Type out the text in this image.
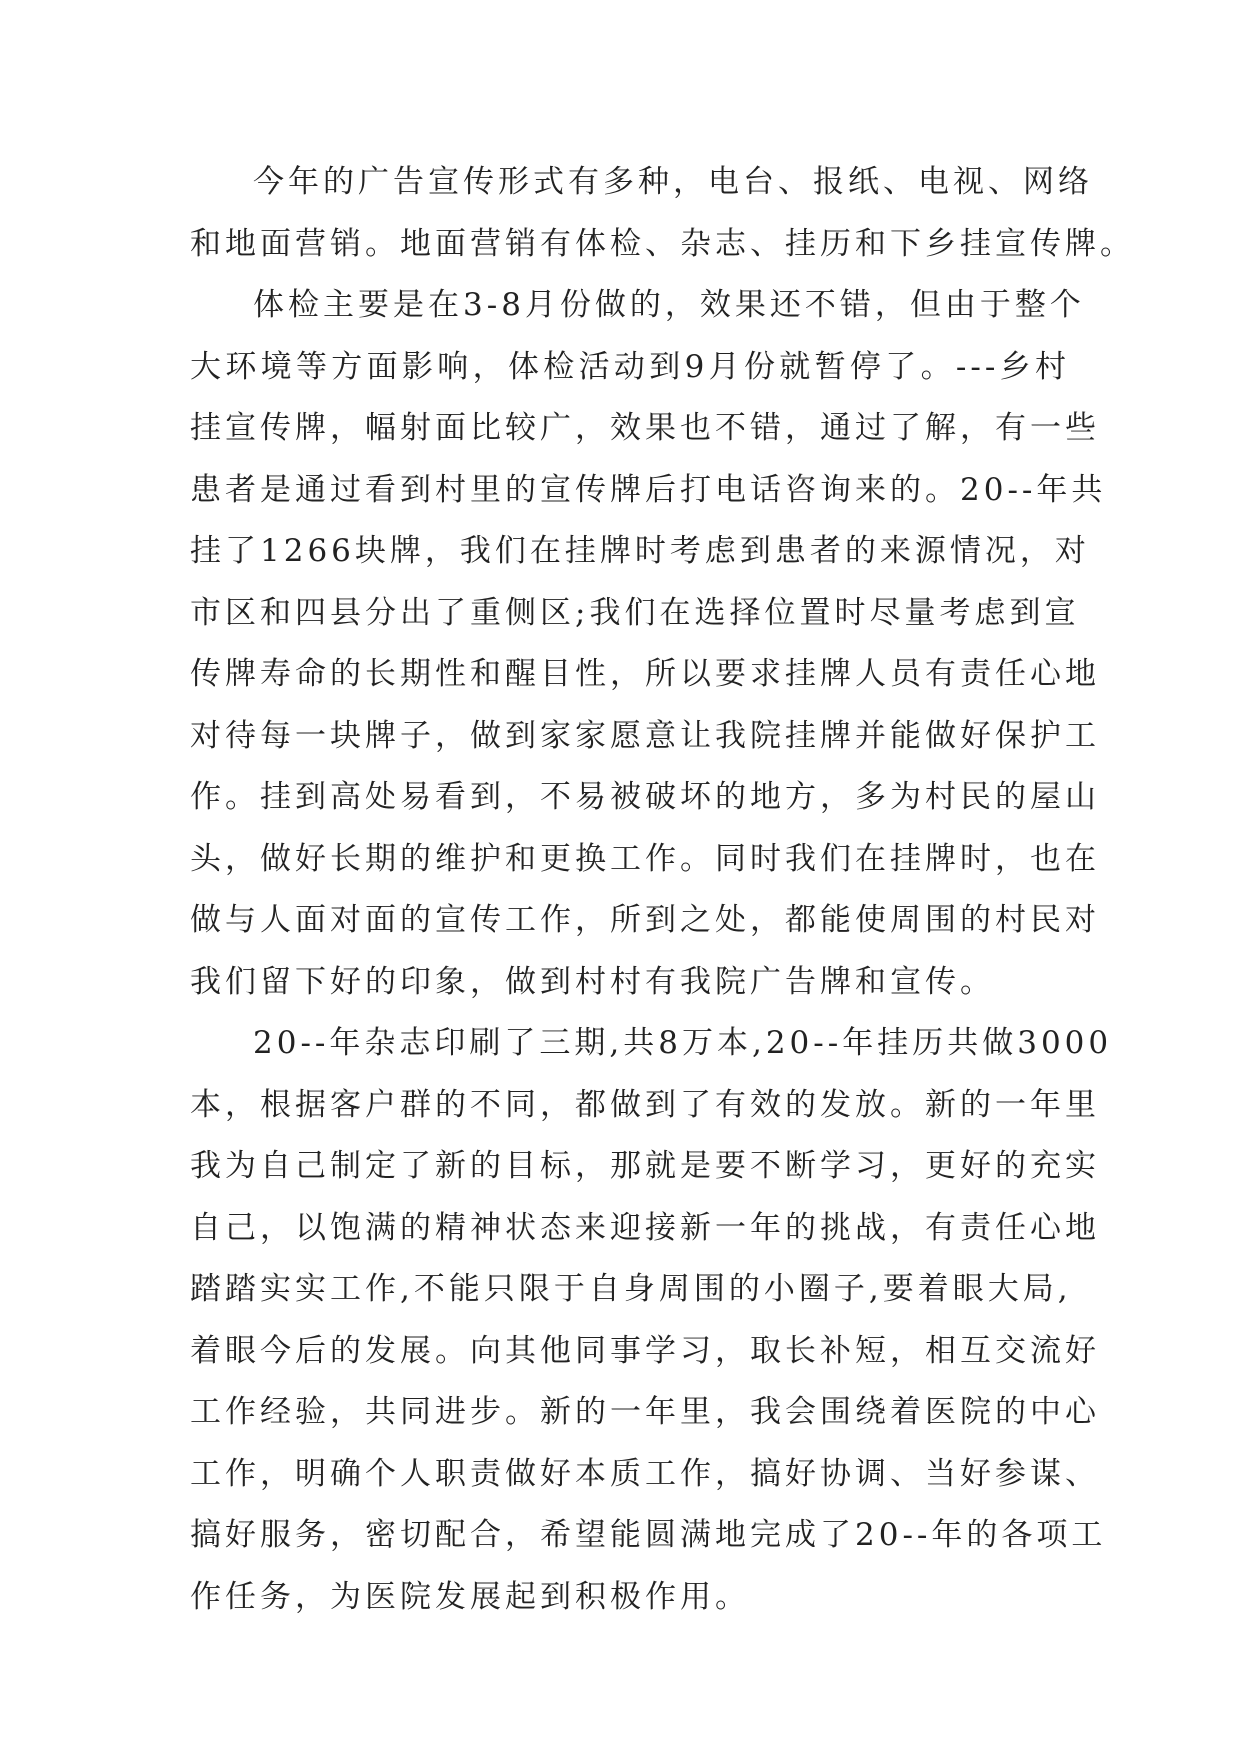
今年的广告宣传形式有多种，电台、报纸、电视、网络
和地面营销。地面营销有体检、杂志、挂历和下乡挂宣传牌。
体检主要是在3-8月份做的，效果还不错，但由于整个
大环境等方面影响，体检活动到9月份就暂停了。---乡村
挂宣传牌，幅射面比较广，效果也不错，通过了解，有一些
患者是通过看到村里的宣传牌后打电话咨询来的。20--年共
挂了1266块牌，我们在挂牌时考虑到患者的来源情况，对
市区和四县分出了重侧区;我们在选择位置时尽量考虑到宣
传牌寿命的长期性和醒目性，所以要求挂牌人员有责任心地
对待每一块牌子，做到家家愿意让我院挂牌并能做好保护工
作。挂到高处易看到，不易被破坏的地方，多为村民的屋山
头，做好长期的维护和更换工作。同时我们在挂牌时，也在
做与人面对面的宣传工作，所到之处，都能使周围的村民对
我们留下好的印象，做到村村有我院广告牌和宣传。
20--年杂志印刷了三期,共8万本,20--年挂历共做3000
本，根据客户群的不同，都做到了有效的发放。新的一年里
我为自己制定了新的目标，那就是要不断学习，更好的充实
自己，以饱满的精神状态来迎接新一年的挑战，有责任心地
踏踏实实工作,不能只限于自身周围的小圈子,要着眼大局,
着眼今后的发展。向其他同事学习，取长补短，相互交流好
工作经验，共同进步。新的一年里，我会围绕着医院的中心
工作，明确个人职责做好本质工作，搞好协调、当好参谋、
搞好服务，密切配合，希望能圆满地完成了20--年的各项工
作任务，为医院发展起到积极作用。
